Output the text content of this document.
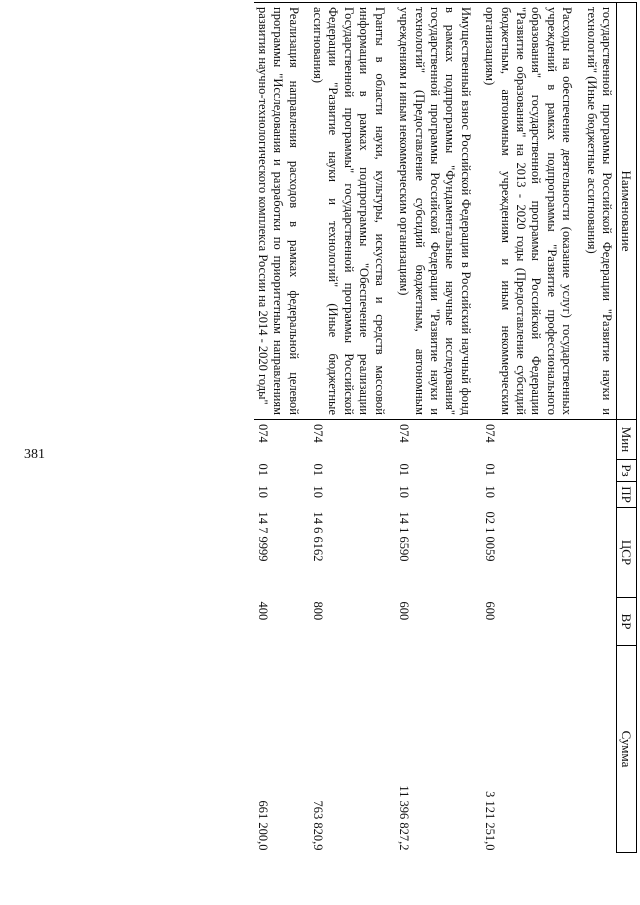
381
Наименование	Мин	Рз	ПР	ЦСР	ВР	Сумма
государственной программы Российской Федерации "Развитие науки и технологий" (Иные бюджетные ассигнования)						

Расходы на обеспечение деятельности (оказание услуг) государственных учреждений в рамках подпрограммы "Развитие профессионального образования" государственной программы Российской Федерации "Развитие образования" на 2013 - 2020 годы (Предоставление субсидий бюджетным, автономным учреждениям и иным некоммерческим организациям)	074	01	10	02 1 0059	600	3 121 251,0

Имущественный взнос Российской Федерации в Российский научный фонд в рамках подпрограммы "Фундаментальные научные исследования" государственной программы Российской Федерации "Развитие науки и технологий" (Предоставление субсидий бюджетным, автономным учреждениям и иным некоммерческим организациям)	074	01	10	14 1 6590	600	11 396 827,2

Гранты в области науки, культуры, искусства и средств массовой информации в рамках подпрограммы "Обеспечение реализации Государственной программы" государственной программы Российской Федерации "Развитие науки и технологий" (Иные бюджетные ассигнования)	074	01	10	14 6 6162	800	763 820,9

Реализация направления расходов в рамках федеральной целевой программы "Исследования и разработки по приоритетным направлениям развития научно-технологического комплекса России на 2014 - 2020 годы"	074	01	10	14 7 9999	400	661 200,0
